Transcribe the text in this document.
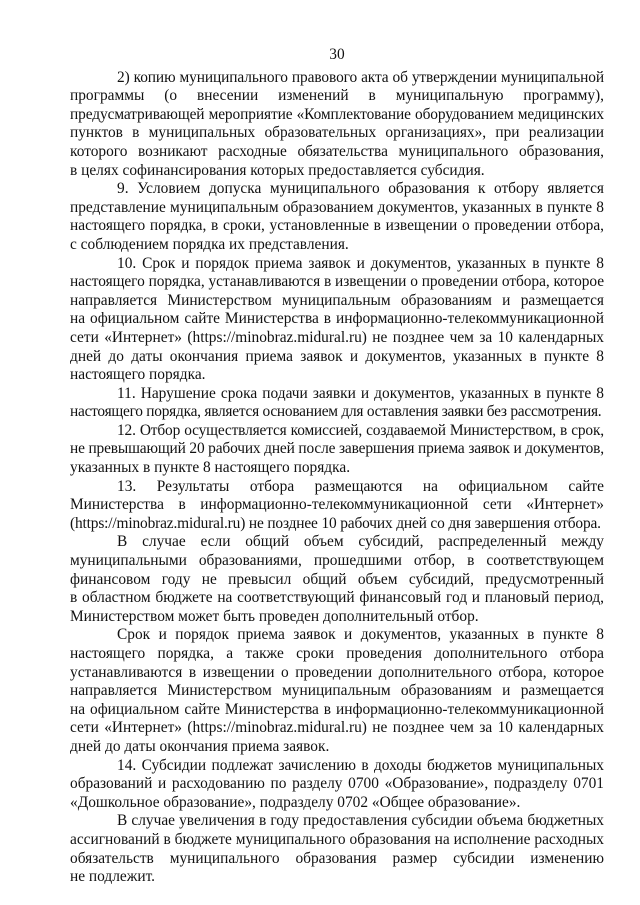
30

2) копию муниципального правового акта об утверждении муниципальной
программы (о внесении изменений в муниципальную программу),
предусматривающей мероприятие «Комплектование оборудованием медицинских
пунктов в муниципальных образовательных организациях», при реализации
которого возникают расходные обязательства муниципального образования,
в целях софинансирования которых предоставляется субсидия.

9. Условием допуска муниципального образования к отбору является
представление муниципальным образованием документов, указанных в пункте 8
настоящего порядка, в сроки, установленные в извещении о проведении отбора,
с соблюдением порядка их представления.

10. Срок и порядок приема заявок и документов, указанных в пункте 8
настоящего порядка, устанавливаются в извещении о проведении отбора, которое
направляется Министерством муниципальным образованиям и размещается
на официальном сайте Министерства в информационно-телекоммуникационной
сети «Интернет» (https://minobraz.midural.ru) не позднее чем за 10 календарных
дней до даты окончания приема заявок и документов, указанных в пункте 8
настоящего порядка.

11. Нарушение срока подачи заявки и документов, указанных в пункте 8
настоящего порядка, является основанием для оставления заявки без рассмотрения.

12. Отбор осуществляется комиссией, создаваемой Министерством, в срок,
не превышающий 20 рабочих дней после завершения приема заявок и документов,
указанных в пункте 8 настоящего порядка.

13. Результаты отбора размещаются на официальном сайте
Министерства в информационно-телекоммуникационной сети «Интернет»
(https://minobraz.midural.ru) не позднее 10 рабочих дней со дня завершения отбора.

В случае если общий объем субсидий, распределенный между
муниципальными образованиями, прошедшими отбор, в соответствующем
финансовом году не превысил общий объем субсидий, предусмотренный
в областном бюджете на соответствующий финансовый год и плановый период,
Министерством может быть проведен дополнительный отбор.

Срок и порядок приема заявок и документов, указанных в пункте 8
настоящего порядка, а также сроки проведения дополнительного отбора
устанавливаются в извещении о проведении дополнительного отбора, которое
направляется Министерством муниципальным образованиям и размещается
на официальном сайте Министерства в информационно-телекоммуникационной
сети «Интернет» (https://minobraz.midural.ru) не позднее чем за 10 календарных
дней до даты окончания приема заявок.

14. Субсидии подлежат зачислению в доходы бюджетов муниципальных
образований и расходованию по разделу 0700 «Образование», подразделу 0701
«Дошкольное образование», подразделу 0702 «Общее образование».

В случае увеличения в году предоставления субсидии объема бюджетных
ассигнований в бюджете муниципального образования на исполнение расходных
обязательств муниципального образования размер субсидии изменению
не подлежит.
